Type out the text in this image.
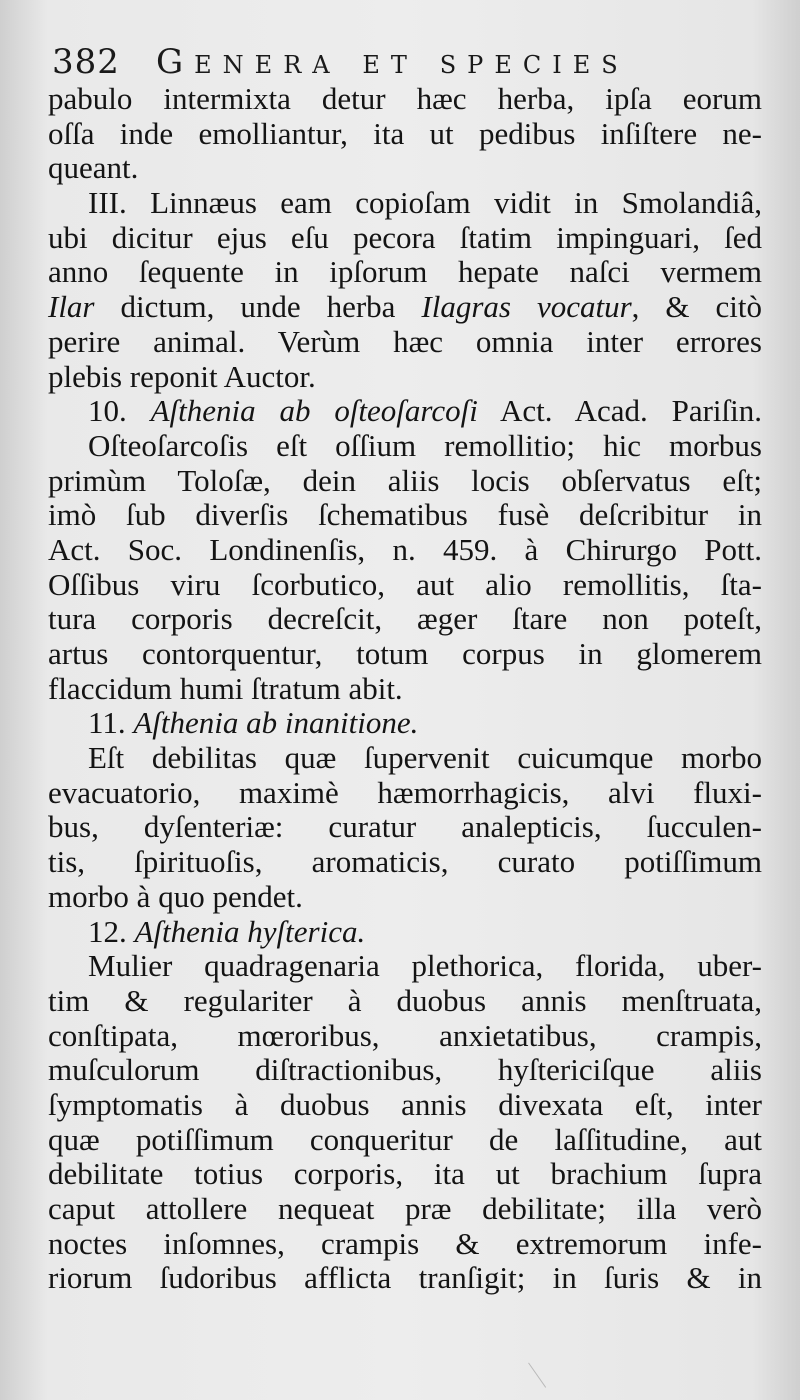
382 Genera et species
pabulo intermixta detur hæc herba, ipſa eorum
oſſa inde emolliantur, ita ut pedibus inſiſtere ne-
queant.
III. Linnæus eam copioſam vidit in Smolandiâ,
ubi dicitur ejus eſu pecora ſtatim impinguari, ſed
anno ſequente in ipſorum hepate naſci vermem
Ilar dictum, unde herba Ilagras vocatur, & citò
perire animal. Verùm hæc omnia inter errores
plebis reponit Auctor.
10. Aſthenia ab oſteoſarcoſi Act. Acad. Pariſin.
Oſteoſarcoſis eſt oſſium remollitio; hic morbus
primùm Toloſæ, dein aliis locis obſervatus eſt;
imò ſub diverſis ſchematibus fusè deſcribitur in
Act. Soc. Londinenſis, n. 459. à Chirurgo Pott.
Oſſibus viru ſcorbutico, aut alio remollitis, ſta-
tura corporis decreſcit, æger ſtare non poteſt,
artus contorquentur, totum corpus in glomerem
flaccidum humi ſtratum abit.
11. Aſthenia ab inanitione.
Eſt debilitas quæ ſupervenit cuicumque morbo
evacuatorio, maximè hæmorrhagicis, alvi fluxi-
bus, dyſenteriæ: curatur analepticis, ſucculen-
tis, ſpirituoſis, aromaticis, curato potiſſimum
morbo à quo pendet.
12. Aſthenia hyſterica.
Mulier quadragenaria plethorica, florida, uber-
tim & regulariter à duobus annis menſtruata,
conſtipata, mœroribus, anxietatibus, crampis,
muſculorum diſtractionibus, hyſtericiſque aliis
ſymptomatis à duobus annis divexata eſt, inter
quæ potiſſimum conqueritur de laſſitudine, aut
debilitate totius corporis, ita ut brachium ſupra
caput attollere nequeat præ debilitate; illa verò
noctes inſomnes, crampis & extremorum infe-
riorum ſudoribus afflicta tranſigit; in ſuris & in
